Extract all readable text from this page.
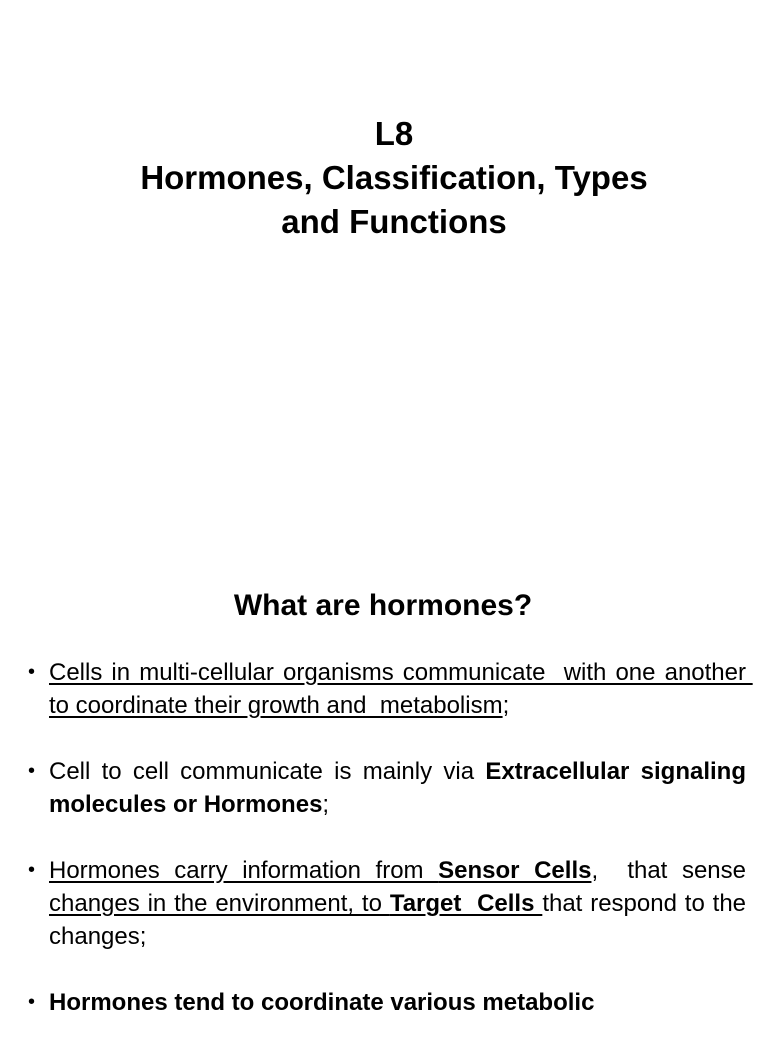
L8
Hormones, Classification, Types
and Functions
What are hormones?
• Cells in multi-cellular organisms communicate  with one another to coordinate their growth and  metabolism;
• Cell to cell communicate is mainly via Extracellular signaling molecules or Hormones;
• Hormones carry information from Sensor Cells,  that sense changes in the environment, to Target  Cells that respond to the changes;
• Hormones tend to coordinate various metabolic
